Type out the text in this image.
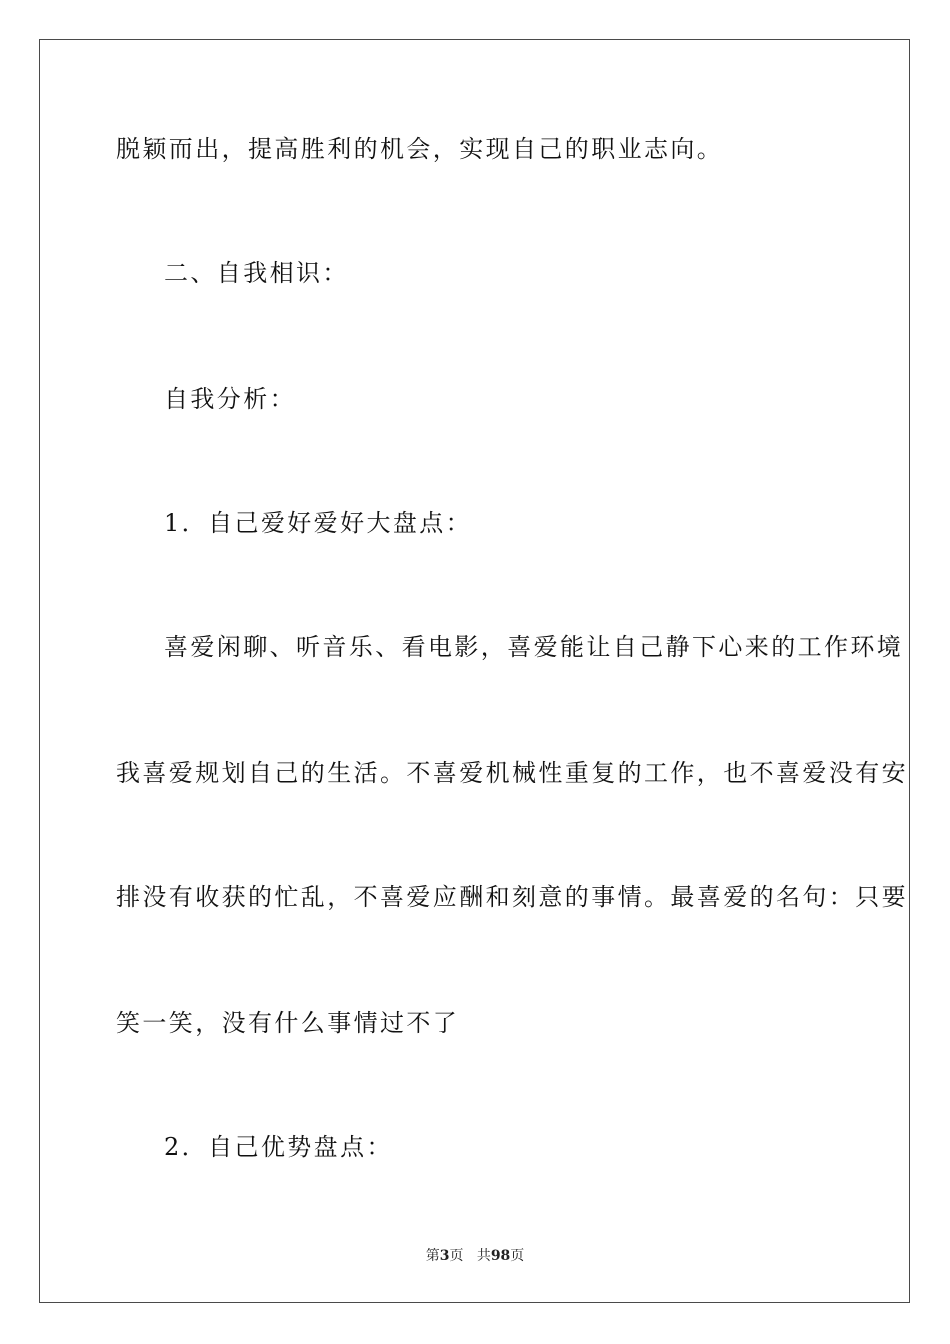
脱颖而出，提高胜利的机会，实现自己的职业志向。
二、自我相识：
自我分析：
1．自己爱好爱好大盘点：
喜爱闲聊、听音乐、看电影，喜爱能让自己静下心来的工作环境
我喜爱规划自己的生活。不喜爱机械性重复的工作，也不喜爱没有安
排没有收获的忙乱，不喜爱应酬和刻意的事情。最喜爱的名句：只要
笑一笑，没有什么事情过不了
2．自己优势盘点：
第3页 共98页
